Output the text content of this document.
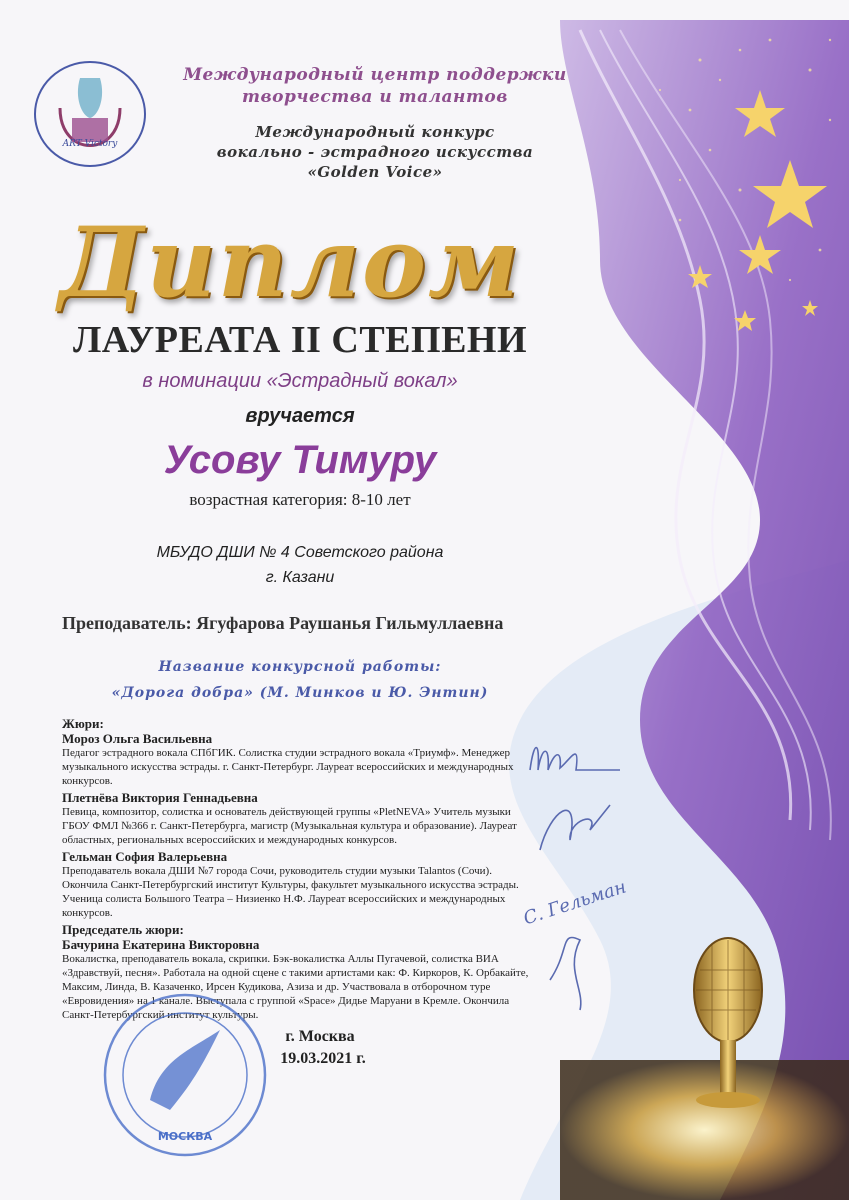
ART Victory
Международный центр поддержки
творчества и талантов
Международный конкурс
вокально - эстрадного искусства
«Golden Voice»
Диплом
ЛАУРЕАТА II СТЕПЕНИ
в номинации «Эстрадный вокал»
вручается
Усову Тимуру
возрастная категория: 8-10 лет
МБУДО ДШИ № 4 Советского района
г. Казани
Преподаватель: Ягуфарова Раушанья Гильмуллаевна
Название конкурсной работы:
«Дорога добра» (М. Минков и Ю. Энтин)
Жюри:
Мороз Ольга Васильевна
Педагог эстрадного вокала СПбГИК. Солистка студии эстрадного вокала «Триумф». Менеджер музыкального искусства эстрады. г. Санкт-Петербург. Лауреат всероссийских и международных конкурсов.
Плетнёва Виктория Геннадьевна
Певица, композитор, солистка и основатель действующей группы «PletNEVA» Учитель музыки ГБОУ ФМЛ №366 г. Санкт-Петербурга, магистр (Музыкальная культура и образование). Лауреат областных, региональных всероссийских и международных конкурсов.
Гельман София Валерьевна
Преподаватель вокала ДШИ №7 города Сочи, руководитель студии музыки Talantos (Сочи). Окончила Санкт-Петербургский институт Культуры, факультет музыкального искусства эстрады. Ученица солиста Большого Театра – Низиенко Н.Ф. Лауреат всероссийских и международных конкурсов.
Председатель жюри:
Бачурина Екатерина Викторовна
Вокалистка, преподаватель вокала, скрипки. Бэк-вокалистка Аллы Пугачевой, солистка ВИА «Здравствуй, песня». Работала на одной сцене с такими артистами как: Ф. Киркоров, К. Орбакайте, Максим, Линда, В. Казаченко, Ирсен Кудикова, Азиза и др. Участвовала в отборочном туре «Евровидения» на 1 канале. Выступала с группой «Space» Дидье Маруани в Кремле. Окончила Санкт-Петербургский институт культуры.
С. Гельман
МОСКВА
г. Москва
19.03.2021 г.
